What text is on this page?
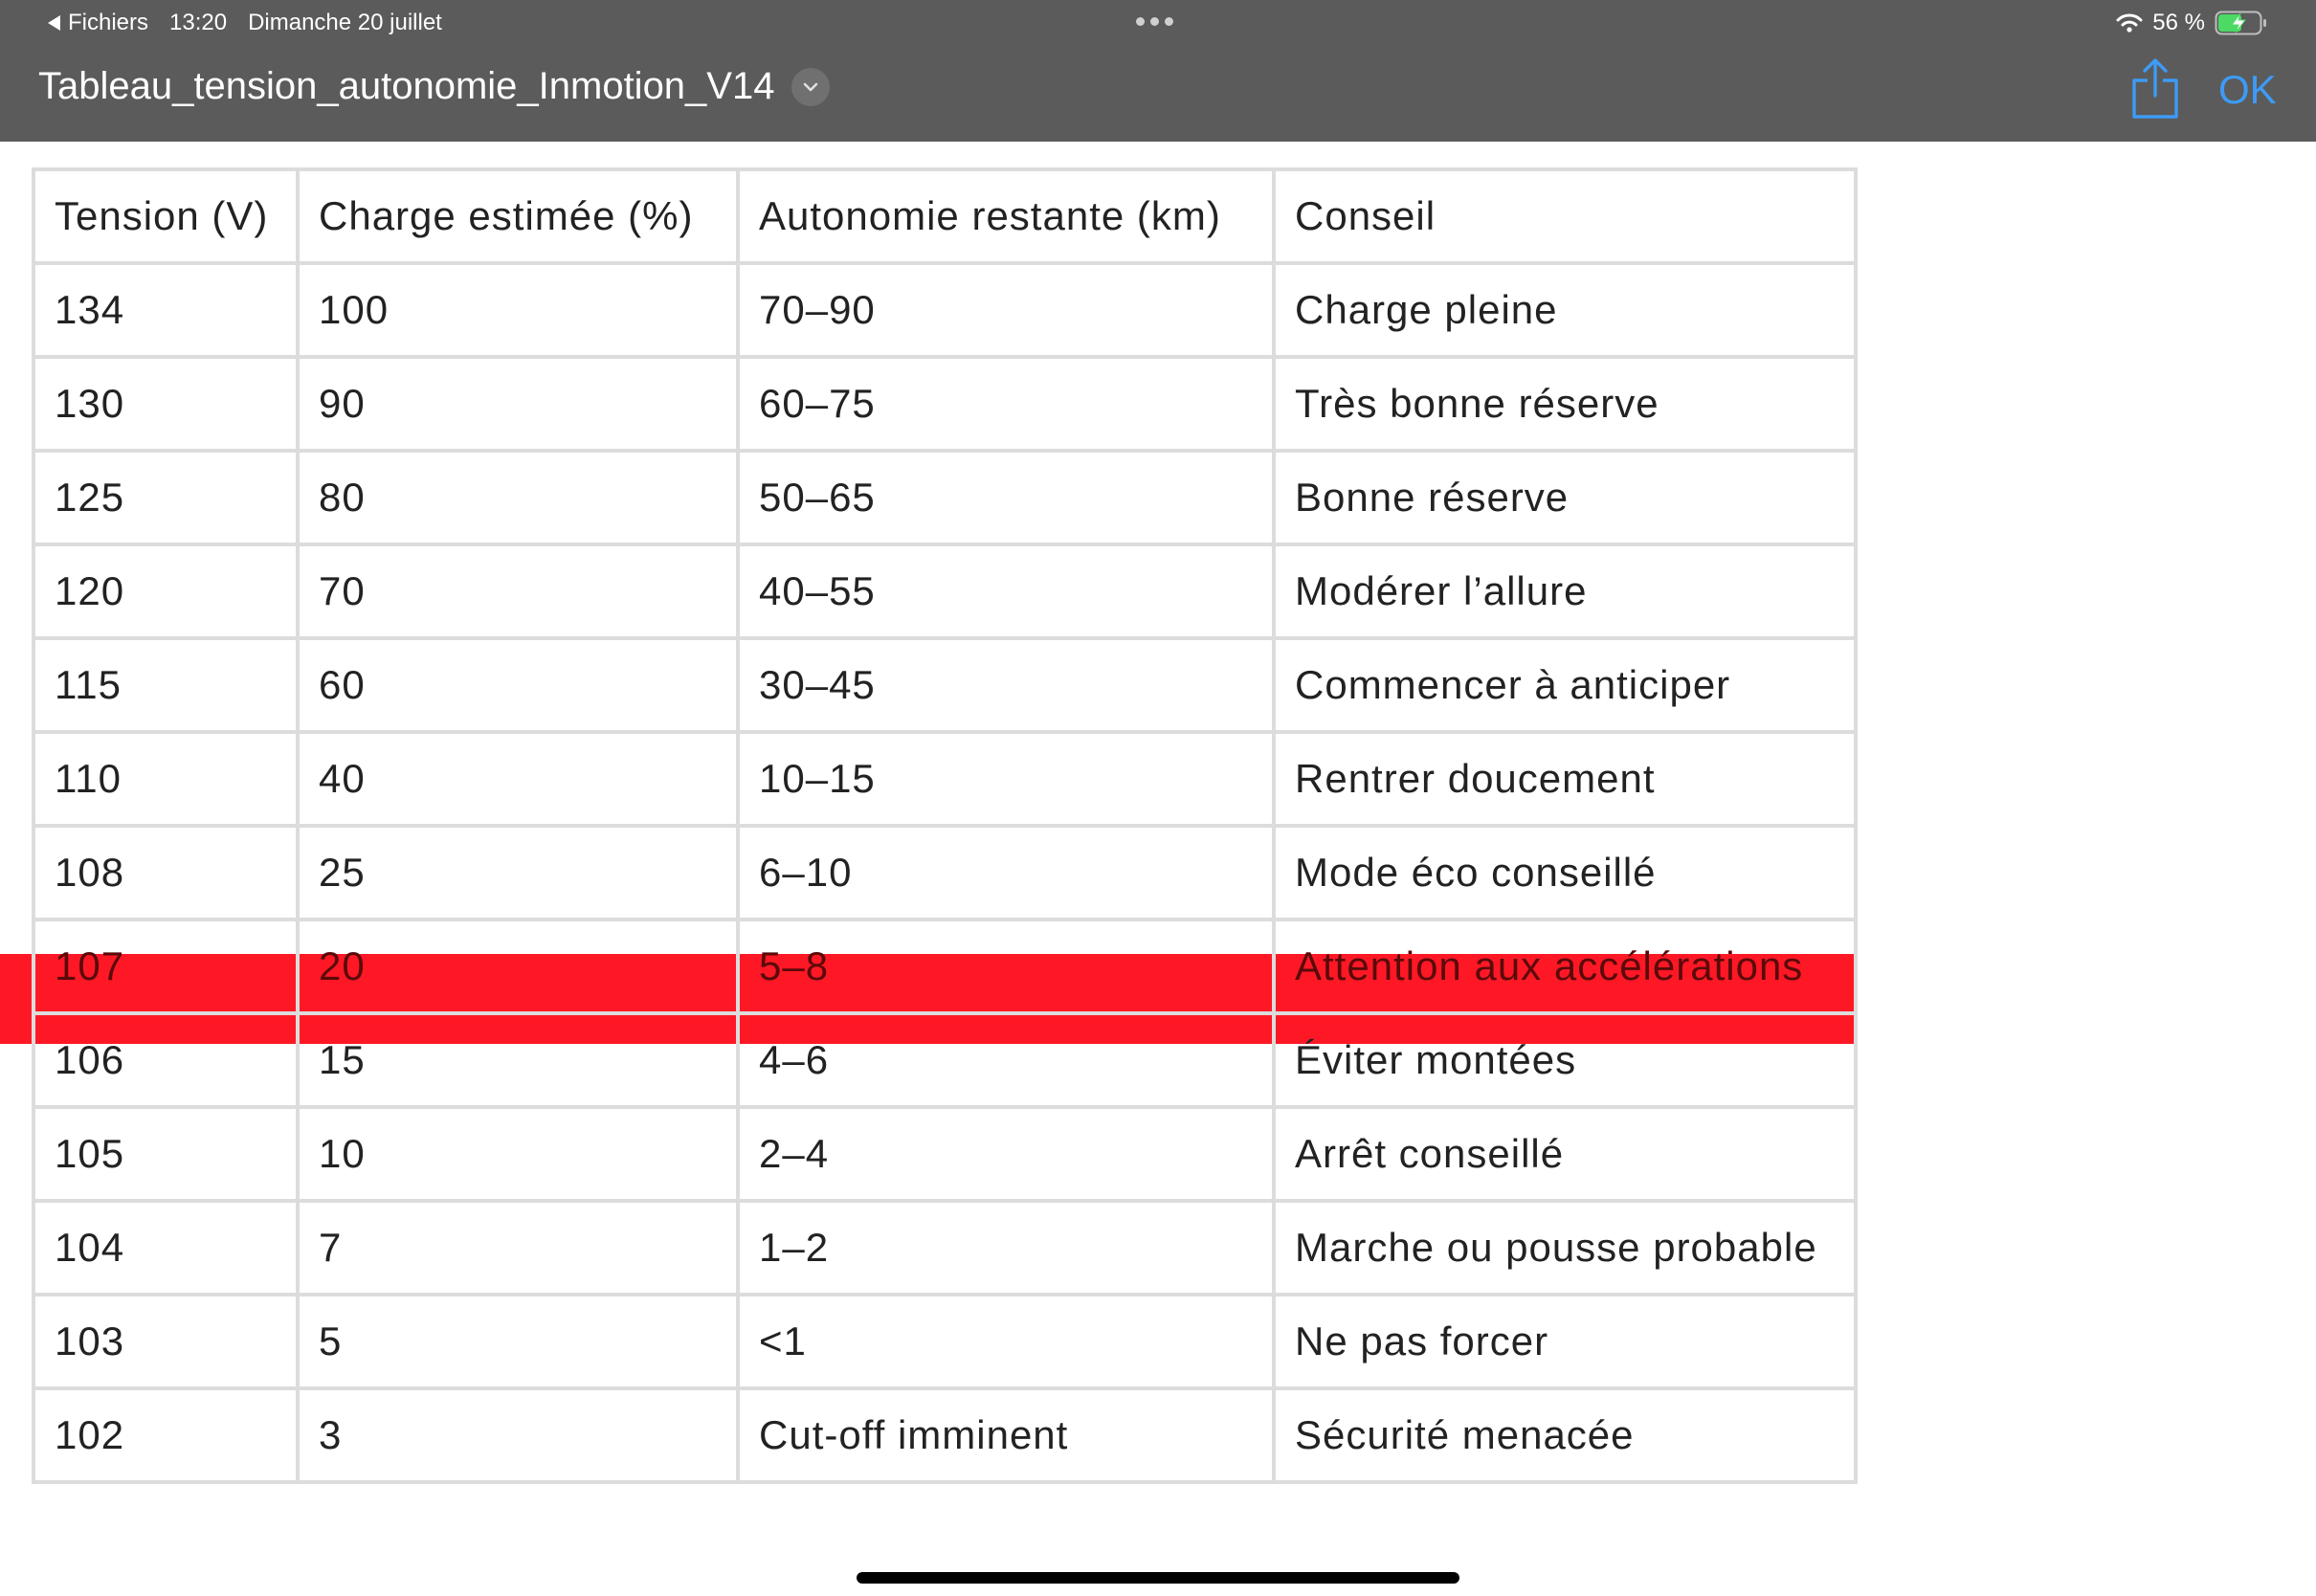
Fichiers 13:20 Dimanche 20 juillet	56 %
Tableau_tension_autonomie_Inmotion_V14	OK
Tension (V)	Charge estimée (%)	Autonomie restante (km)	Conseil
134	100	70–90	Charge pleine
130	90	60–75	Très bonne réserve
125	80	50–65	Bonne réserve
120	70	40–55	Modérer l’allure
115	60	30–45	Commencer à anticiper
110	40	10–15	Rentrer doucement
108	25	6–10	Mode éco conseillé
107	20	5–8	Attention aux accélérations
106	15	4–6	Éviter montées
105	10	2–4	Arrêt conseillé
104	7	1–2	Marche ou pousse probable
103	5	<1	Ne pas forcer
102	3	Cut-off imminent	Sécurité menacée
